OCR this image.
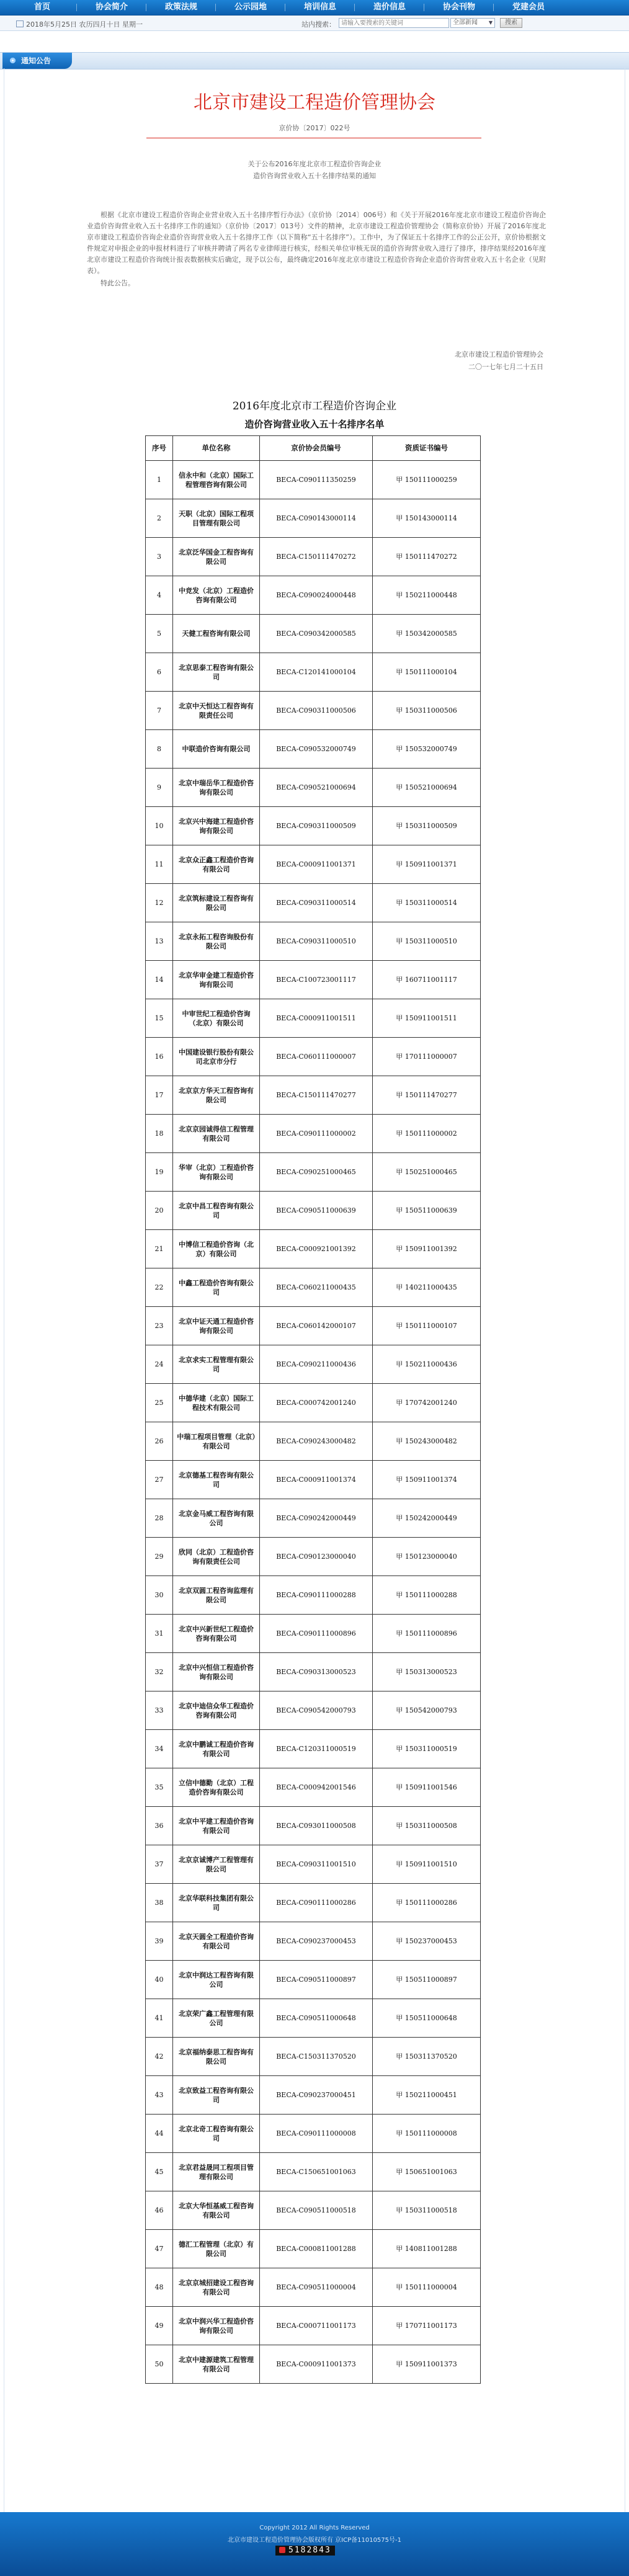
首页	协会简介	政策法规	公示园地	培训信息	造价信息	协会刊物	党建会员
2018年5月25日 农历四月十日 星期一	站内搜索：
请输入要搜索的关键词	全部新闻 ▼	搜索
通知公告
北京市建设工程造价管理协会
京价协〔2017〕022号
关于公布2016年度北京市工程造价咨询企业
造价咨询营业收入五十名排序结果的通知

根据《北京市建设工程造价咨询企业营业收入五十名排序暂行办法》（京价协〔2014〕006号）和《关于开展2016年度北京市建设工程造价咨询企业造价咨询营业收入五十名排序工作的通知》（京价协〔2017〕013号）文件的精神，北京市建设工程造价管理协会（简称京价协）开展了2016年度北京市建设工程造价咨询企业造价咨询营业收入五十名排序工作（以下简称“五十名排序”）。工作中，为了保证五十名排序工作的公正公开，京价协根据文件规定对申报企业的申报材料进行了审核并聘请了两名专业律师进行核实，经相关单位审核无误的造价咨询营业收入进行了排序，排序结果经2016年度北京市建设工程造价咨询统计报表数据核实后确定，现予以公布，最终确定2016年度北京市建设工程造价咨询企业造价咨询营业收入五十名企业（见附表）。

特此公告。

北京市建设工程造价管理协会
二〇一七年七月二十五日
2016年度北京市工程造价咨询企业
造价咨询营业收入五十名排序名单
序号	单位名称	京价协会员编号	资质证书编号
1	信永中和（北京）国际工程管理咨询有限公司	BECA-C090111350259	甲 150111000259
2	天职（北京）国际工程项目管理有限公司	BECA-C090143000114	甲 150143000114
3	北京泛华国金工程咨询有限公司	BECA-C150111470272	甲 150111470272
4	中竞发（北京）工程造价咨询有限公司	BECA-C090024000448	甲 150211000448
5	天健工程咨询有限公司	BECA-C090342000585	甲 150342000585
6	北京思泰工程咨询有限公司	BECA-C120141000104	甲 150111000104
7	北京中天恒达工程咨询有限责任公司	BECA-C090311000506	甲 150311000506
8	中联造价咨询有限公司	BECA-C090532000749	甲 150532000749
9	北京中瑞岳华工程造价咨询有限公司	BECA-C090521000694	甲 150521000694
10	北京兴中海建工程造价咨询有限公司	BECA-C090311000509	甲 150311000509
11	北京众正鑫工程造价咨询有限公司	BECA-C000911001371	甲 150911001371
12	北京筑标建设工程咨询有限公司	BECA-C090311000514	甲 150311000514
13	北京永拓工程咨询股份有限公司	BECA-C090311000510	甲 150311000510
14	北京华审金建工程造价咨询有限公司	BECA-C100723001117	甲 160711001117
15	中审世纪工程造价咨询（北京）有限公司	BECA-C000911001511	甲 150911001511
16	中国建设银行股份有限公司北京市分行	BECA-C060111000007	甲 170111000007
17	北京京方华天工程咨询有限公司	BECA-C150111470277	甲 150111470277
18	北京京园诚得信工程管理有限公司	BECA-C090111000002	甲 150111000002
19	华审（北京）工程造价咨询有限公司	BECA-C090251000465	甲 150251000465
20	北京中昌工程咨询有限公司	BECA-C090511000639	甲 150511000639
21	中博信工程造价咨询（北京）有限公司	BECA-C000921001392	甲 150911001392
22	中鑫工程造价咨询有限公司	BECA-C060211000435	甲 140211000435
23	北京中证天通工程造价咨询有限公司	BECA-C060142000107	甲 150111000107
24	北京求实工程管理有限公司	BECA-C090211000436	甲 150211000436
25	中德华建（北京）国际工程技术有限公司	BECA-C000742001240	甲 170742001240
26	中瑞工程项目管理（北京）有限公司	BECA-C090243000482	甲 150243000482
27	北京德基工程咨询有限公司	BECA-C000911001374	甲 150911001374
28	北京金马威工程咨询有限公司	BECA-C090242000449	甲 150242000449
29	欣同（北京）工程造价咨询有限责任公司	BECA-C090123000040	甲 150123000040
30	北京双圆工程咨询监理有限公司	BECA-C090111000288	甲 150111000288
31	北京中兴新世纪工程造价咨询有限公司	BECA-C090111000896	甲 150111000896
32	北京中兴恒信工程造价咨询有限公司	BECA-C090313000523	甲 150313000523
33	北京中迪信众华工程造价咨询有限公司	BECA-C090542000793	甲 150542000793
34	北京中鹏诚工程造价咨询有限公司	BECA-C120311000519	甲 150311000519
35	立信中德勤（北京）工程造价咨询有限公司	BECA-C000942001546	甲 150911001546
36	北京中平建工程造价咨询有限公司	BECA-C093011000508	甲 150311000508
37	北京京诚博产工程管理有限公司	BECA-C090311001510	甲 150911001510
38	北京华联科技集团有限公司	BECA-C090111000286	甲 150111000286
39	北京天圆全工程造价咨询有限公司	BECA-C090237000453	甲 150237000453
40	北京中润达工程咨询有限公司	BECA-C090511000897	甲 150511000897
41	北京荣广鑫工程管理有限公司	BECA-C090511000648	甲 150511000648
42	北京福纳泰思工程咨询有限公司	BECA-C150311370520	甲 150311370520
43	北京致益工程咨询有限公司	BECA-C090237000451	甲 150211000451
44	北京北奇工程咨询有限公司	BECA-C090111000008	甲 150111000008
45	北京君益晟同工程项目管理有限公司	BECA-C150651001063	甲 150651001063
46	北京大华恒基威工程咨询有限公司	BECA-C090511000518	甲 150311000518
47	德汇工程管理（北京）有限公司	BECA-C000811001288	甲 140811001288
48	北京京城招建设工程咨询有限公司	BECA-C090511000004	甲 150111000004
49	北京中润兴华工程造价咨询有限公司	BECA-C000711001173	甲 170711001173
50	北京中建源建筑工程管理有限公司	BECA-C000911001373	甲 150911001373
Copyright 2012 All Rights Reserved
北京市建设工程造价管理协会版权所有 京ICP备11010575号-1
5182843
